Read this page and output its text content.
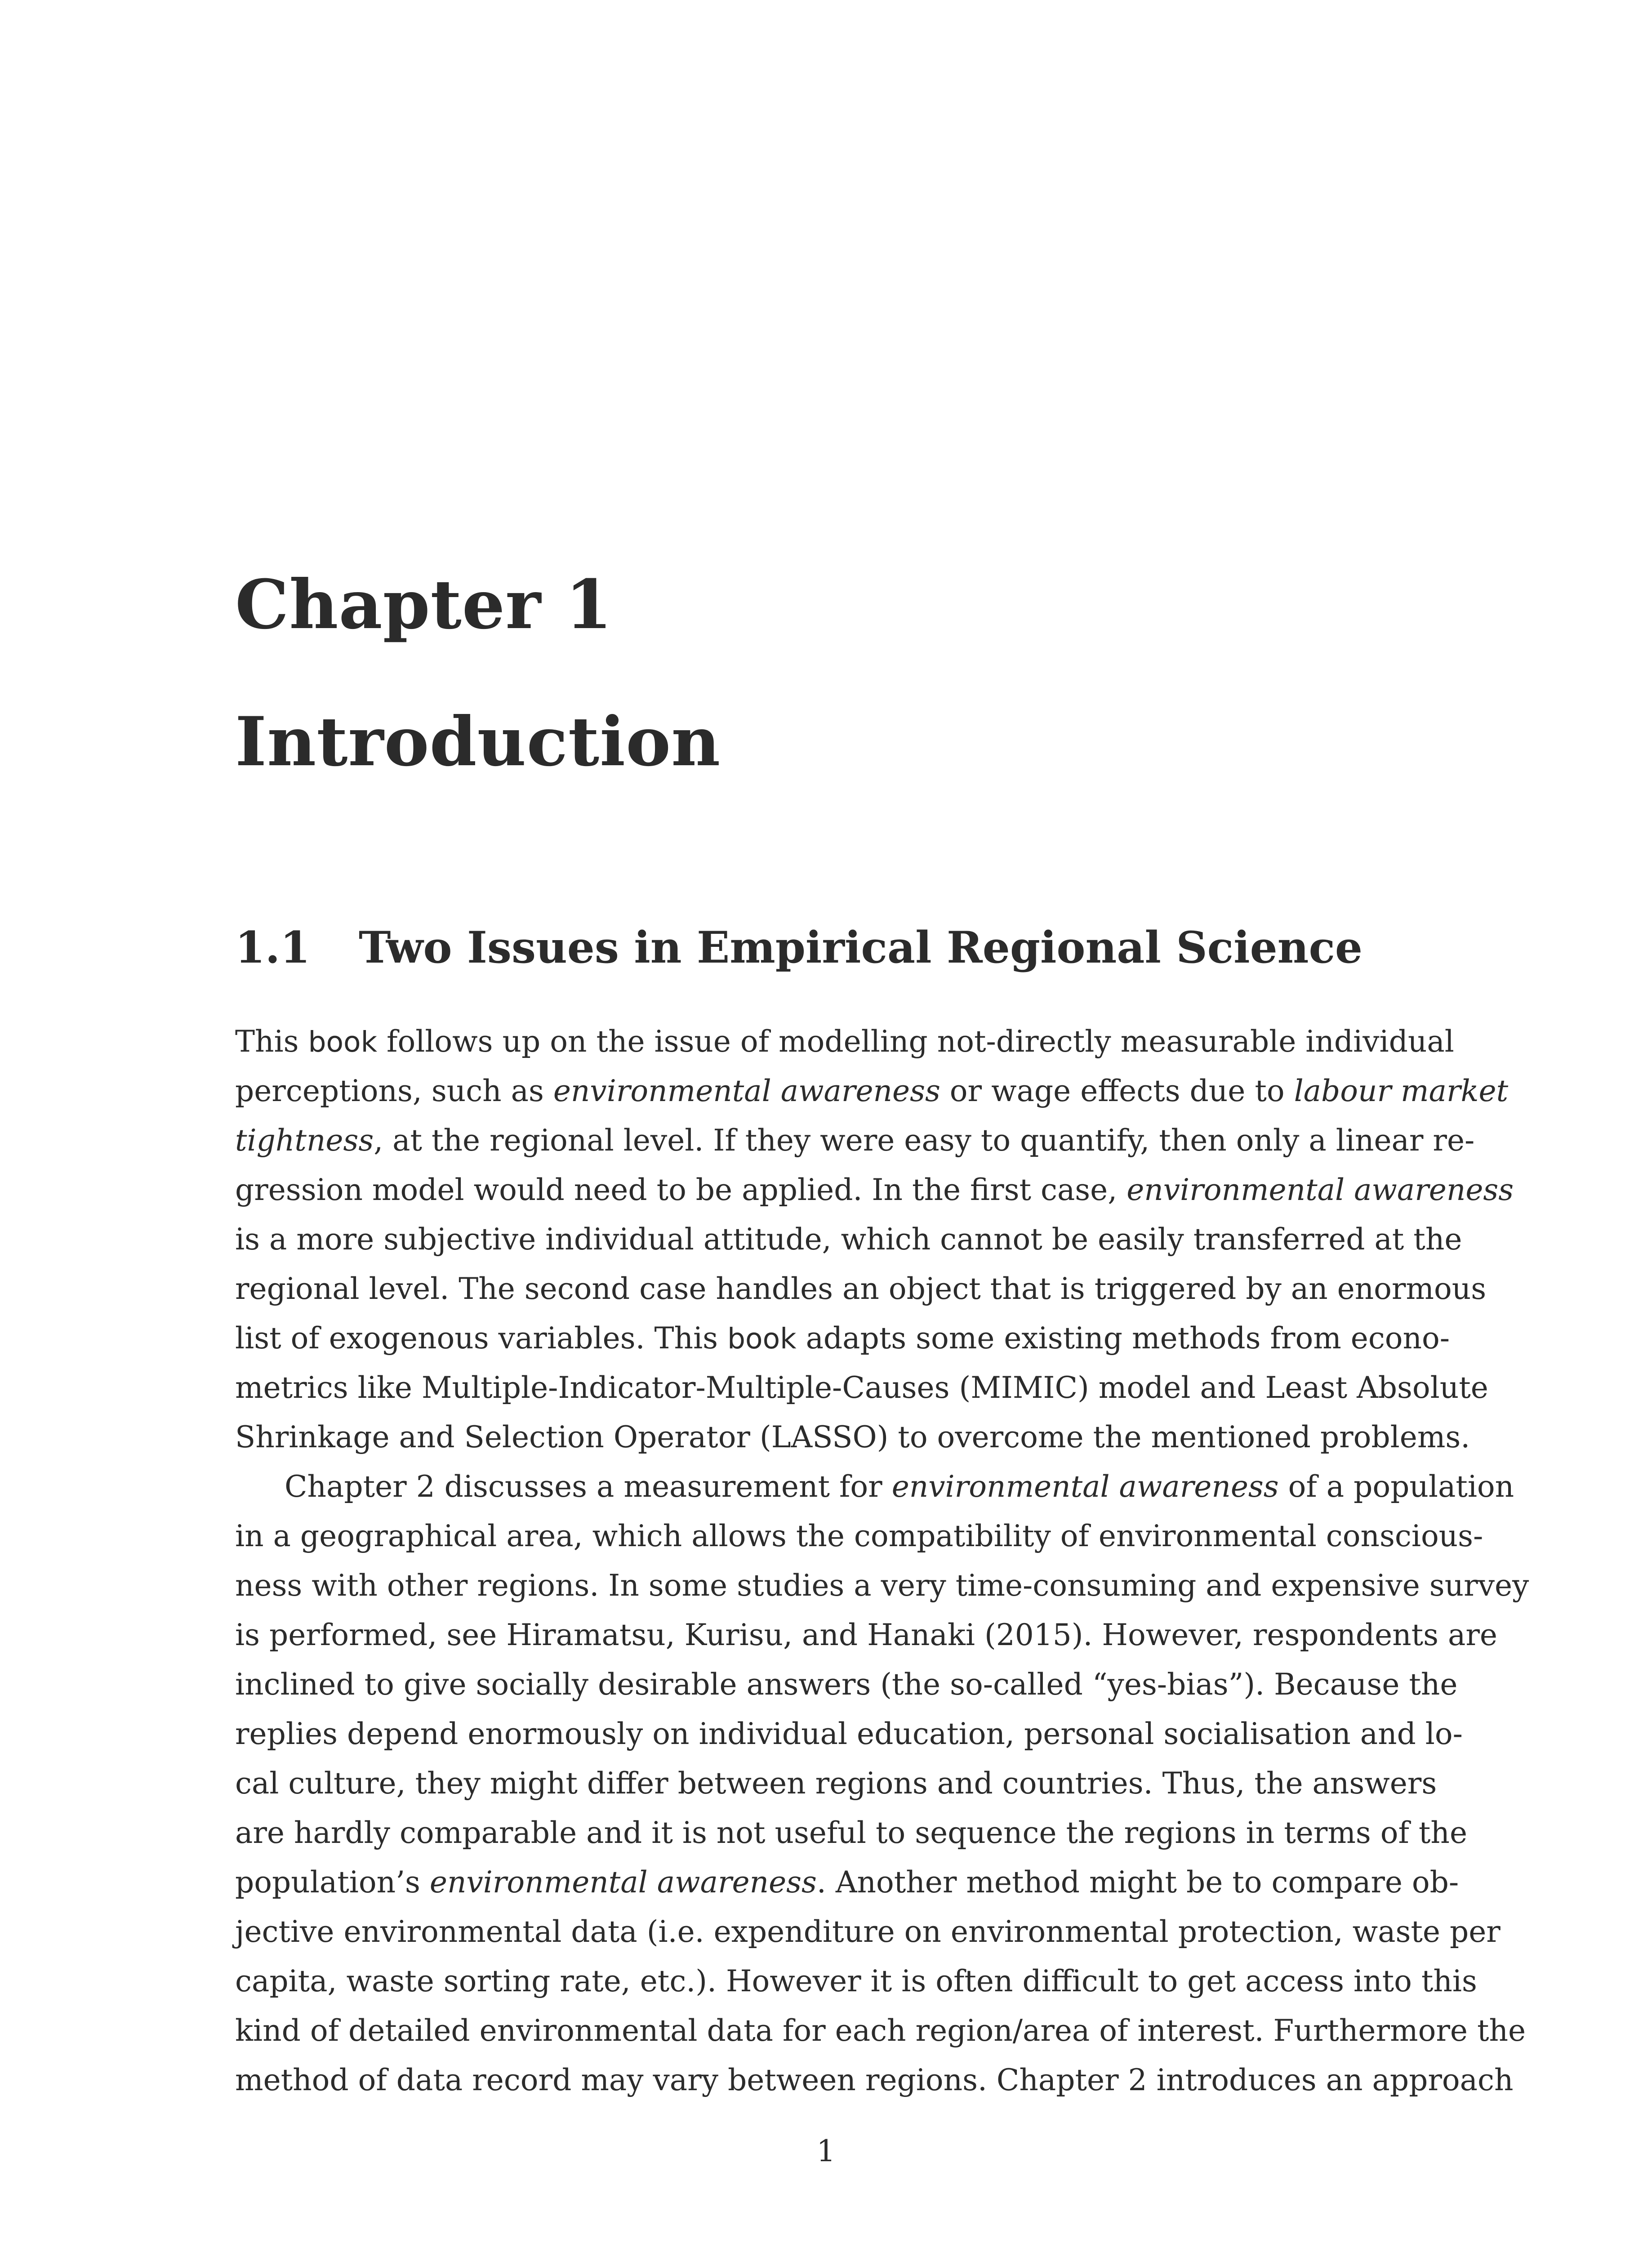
Chapter 1
Introduction
1.1 Two Issues in Empirical Regional Science
This book follows up on the issue of modelling not-directly measurable individual
perceptions, such as environmental awareness or wage effects due to labour market
tightness, at the regional level. If they were easy to quantify, then only a linear re-
gression model would need to be applied. In the first case, environmental awareness
is a more subjective individual attitude, which cannot be easily transferred at the
regional level. The second case handles an object that is triggered by an enormous
list of exogenous variables. This book adapts some existing methods from econo-
metrics like Multiple-Indicator-Multiple-Causes (MIMIC) model and Least Absolute
Shrinkage and Selection Operator (LASSO) to overcome the mentioned problems.
Chapter 2 discusses a measurement for environmental awareness of a population
in a geographical area, which allows the compatibility of environmental conscious-
ness with other regions. In some studies a very time-consuming and expensive survey
is performed, see Hiramatsu, Kurisu, and Hanaki (2015). However, respondents are
inclined to give socially desirable answers (the so-called “yes-bias”). Because the
replies depend enormously on individual education, personal socialisation and lo-
cal culture, they might differ between regions and countries. Thus, the answers
are hardly comparable and it is not useful to sequence the regions in terms of the
population’s environmental awareness. Another method might be to compare ob-
jective environmental data (i.e. expenditure on environmental protection, waste per
capita, waste sorting rate, etc.). However it is often difficult to get access into this
kind of detailed environmental data for each region/area of interest. Furthermore the
method of data record may vary between regions. Chapter 2 introduces an approach
1
